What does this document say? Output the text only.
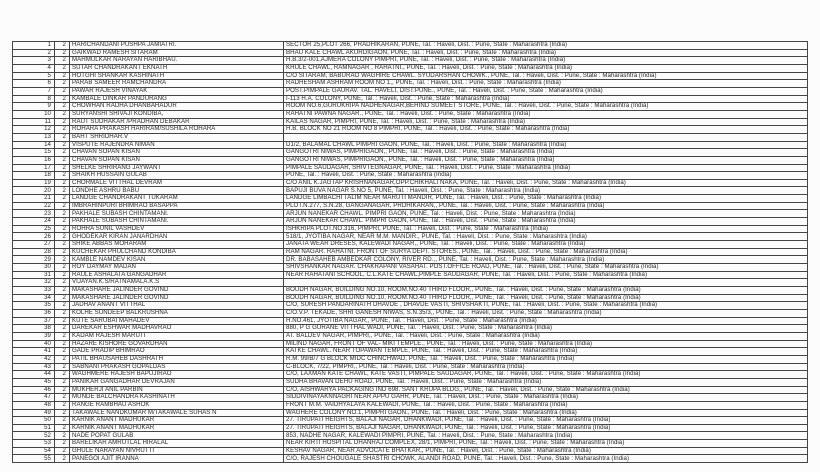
1	2	HARICHANDANI PUSHPA JAMIATRI.	SECTOR 25,PLOT 266, PRADHIKARAN, PUNE, Tal. : Haveli, Dist. : Pune, State : Maharashtra (India)
2	2	GAIKWAD RAMESH SITARAM	BHAU KALE CHAWL AKURDIGAON, PUNE, Tal. : Haveli, Dist. : Pune, State : Maharashtra (India)
3	2	MAHMULKAR NARAYAN HARIBHAU.	H.B.3/2-001,AJMERA COLONY PIMPRI, PUNE, Tal. : Haveli, Dist. : Pune, State : Maharashtra (India)
4	2	SUTAR CHANDRAKANT EKNATH	KHULE CHAWL, RAMNAGAR , RAHATNI., PUNE, Tal. : Haveli, Dist. : Pune, State : Maharashtra (India)
5	2	HOTGHI SHANKAR KASHINATH	C/O SITARAM, BABURAO WAGHIRE CHAWL. SYUDARSHAN CHOWK., PUNE, Tal. : Haveli, Dist. : Pune, State : Maharashtra (India)
6	2	PARAB SAMEER RAMCHANDRA	RADHESHAM ASHRAM ROOM NO 1,, PUNE, Tal. : Haveli, Dist. : Pune, State : Maharashtra (India)
7	2	PAWAR RAJESH VINAYAK	POST.PIMPALE GAURAV. TAL. HAVELI, DIST:PUNE., PUNE, Tal. : Haveli, Dist. : Pune, State : Maharashtra (India)
8	2	KAMBALE DINKAR PANDURANG	I-113 H.A. COLONY, PUNE, Tal. : Haveli, Dist. : Pune, State : Maharashtra (India)
9	2	CHOWHAN RADHA DHANBAHADUR	ROOM NO.6,GURUKRIPA NADHENAGAR,BEHIND SUMEET STORE, PUNE, Tal. : Haveli, Dist. : Pune, State : Maharashtra (India)
10	2	SURYANSHI SHIVAJI KONDIBA,	RAHATNI PAWNA NAGAR., PUNE, Tal. : Haveli, Dist. : Pune, State : Maharashtra (India)
11	2	RAUT SUDHAKAR /PRADHAN DEBAKAR	KAILAS NAGAR, PIMPRI, PUNE, Tal. : Haveli, Dist. : Pune, State : Maharashtra (India)
12	2	ROHARA PRAKASH HARIRAM/SUSHILA ROHARA	H.B. BLOCK NO 21 ROOM NO 8 PIMPRI, PUNE, Tal. : Haveli, Dist. : Pune, State : Maharashtra (India)
13	2	BAHT SHRIDHAR.V	
14	2	VISPUTE RAJENDRA NIMAN	D1/2, BALAMAL CHAWL PIMPRI GAON, PUNE, Tal. : Haveli, Dist. : Pune, State : Maharashtra (India)
15	2	CHAVAN SOPAN KISAN	GANGOTRI NIWAS, PIMPRIGAON,, PUNE, Tal. : Haveli, Dist. : Pune, State : Maharashtra (India)
16	2	CHAVAN SOPAN KISAN	GANGOTRI NIWAS, PIMPRIGAON,, PUNE, Tal. : Haveli, Dist. : Pune, State : Maharashtra (India)
17	2	SHELKE SHRIRANG JAYWANT	PIMPALE SAUDAGAR, SHIVTEGNAGAR, PUNE, Tal. : Haveli, Dist. : Pune, State : Maharashtra (India)
18	2	SHAIKH HUSSAIN GULAB	PUNE, Tal. : Haveli, Dist. : Pune, State : Maharashtra (India)
19	2	CHORMALE VITTHAL DEVRAM	C/O ANIL K.JAGTAP KRISHNANAGAR,OPP.CHIKHALI NAKA, PUNE, Tal. : Haveli, Dist. : Pune, State : Maharashtra (India)
20	2	LONDHE ASHRU BABU	BAPUJI BUVA NAGAR S.NO 5, PUNE, Tal. : Haveli, Dist. : Pune, State : Maharashtra (India)
21	2	LANDGE CHANDRAKANT TUKARAM	LANDGE LIMBACHI TALIM NEAR MARUTI MANDIR, PUNE, Tal. : Haveli, Dist. : Pune, State : Maharashtra (India)
22	2	IMBRAHINPURI BHIMRAO BASAPPA	PLOT.N.277, S.N.28, GANGANAGAR, PRDHIKARAN,, PUNE, Tal. : Haveli, Dist. : Pune, State : Maharashtra (India)
23	2	PAKHALE SUBASH CHINTAMANI.	ARJUN NANEKAR CHAWL. PIMPRI GAON, PUNE, Tal. : Haveli, Dist. : Pune, State : Maharashtra (India)
24	2	PAKHALE SUBASH CHINTAMANI.	ARJUN NANEKAR CHAWL. PIMPRI GAON, PUNE, Tal. : Haveli, Dist. : Pune, State : Maharashtra (India)
25	2	ROHRA SUNIL VASHDEV	ISHKRIPA PLOT.NO.316, PIMPRI, PUNE, Tal. : Haveli, Dist. : Pune, State : Maharashtra (India)
26	2	GHODEKAR KIRAN JANARDHAN	518/1, JYOTIBA NAGAR, NEAR M.M. MANDIR., PUNE, Tal. : Haveli, Dist. : Pune, State : Maharashtra (India)
27	2	SHIKE ABBAS MOHARAM	JANATA WEAR DRESES, KALEWADI NAGAR,, PUNE, Tal. : Haveli, Dist. : Pune, State : Maharashtra (India)
28	2	KUCHEKAR PHULCHAND KONDIBA	RAM NAGAR. RAHATNI. FRONT OF SURYA DEPT. STORES., PUNE, Tal. : Haveli, Dist. : Pune, State : Maharashtra (India)
29	2	KAMBLE NAMDEV KISAN	DR. BABASAHEB AMBEDKAR COLONY, RIVER RD.,, PUNE, Tal. : Haveli, Dist. : Pune, State : Maharashtra (India)
30	2	ROY DAYMAY MADAN	SHIVSHANKAR NAGAR. CHAKRAPANI VASAHAT. POST.OFFICE ROAD, PUNE, Tal. : Haveli, Dist. : Pune, State : Maharashtra (India)
31	2	RAULE ASHALATA GANGADHAR	NEAR RAHATANI SCHOOL, C.L.KATE CHAWL,PIMPLE SAUDAGAR, PUNE, Tal. : Haveli, Dist. : Pune, State : Maharashtra (India)
32	2	VIJAYAN.K.S/RATNAMALA.K.S	
33	2	MAKASHARE JALINDER GOVIND	BOUDH NAGAR, BUILDING NO.10, ROOM.NO.40 THIRD FLOOR,, PUNE, Tal. : Haveli, Dist. : Pune, State : Maharashtra (India)
34	2	MAKASHARE JALINDER GOVIND	BOUDH NAGAR, BUILDING NO.10, ROOM.NO.40 THIRD FLOOR,, PUNE, Tal. : Haveli, Dist. : Pune, State : Maharashtra (India)
35	2	JADHAV ANANT VITTHAL	C/O, SURESH PANDARINATH DHAVDE , DHAVDE VASTI, SHIVSHAKTI, PUNE, Tal. : Haveli, Dist. : Pune, State : Maharashtra (India)
36	2	KOLHE SUNDEEP BALKRUSHNA	C/O.V.P. TEKADE, SHRI GANESH NIWAS, S.N.35/3,, PUNE, Tal. : Haveli, Dist. : Pune, State : Maharashtra (India)
37	2	KUTE SARUBAI MAHADEV	H.NO.461, JYOTIBA NAGAR,, PUNE, Tal. : Haveli, Dist. : Pune, State : Maharashtra (India)
38	2	DAREKAR ESHWAR MADHAVRAO	880, P G GURANE VITTHAL WADI, PUNE, Tal. : Haveli, Dist. : Pune, State : Maharashtra (India)
39	2	KADAM RAJESH MARUTI	AT. BALDEV NAGAR, PIMPRI,, PUNE, Tal. : Haveli, Dist. : Pune, State : Maharashtra (India)
40	2	HAZARE KISHORE GOVARDHAN	MILIND NAGAR, FRONT OF VAL- MIKI TEMPLE., PUNE, Tal. : Haveli, Dist. : Pune, State : Maharashtra (India)
41	2	GADE PRADIP BHIMRAO	KATKE CHAWL. NEAR TOPAWAN TEMPLE, PUNE, Tal. : Haveli, Dist. : Pune, State : Maharashtra (India)
42	2	PATIL BHAUSAHEB DASHRATH	R.M. 99/B/7 G BLOCK MIDC CHINCHWAD, PUNE, Tal. : Haveli, Dist. : Pune, State : Maharashtra (India)
43	2	SABNANI PRAKASH GOPALDAS	C-BLOCK, 7/22, PIMPRI,, PUNE, Tal. : Haveli, Dist. : Pune, State : Maharashtra (India)
44	2	WAGHMERE RAJESH BAPUJIRAO	C/O, LAXMAN KATE CHAWL, KATE VASTI, PIMPALE SAUDAGAR, PUNE, Tal. : Haveli, Dist. : Pune, State : Maharashtra (India)
45	2	PANIKAR GANGADHAR DEVRAJAN	SUDHA BHAVAN DEHU ROAD, PUNE, Tal. : Haveli, Dist. : Pune, State : Maharashtra (India)
46	2	MUKHERJI ANIL PARBIN	C/O, AISHWARYA PACKAGING IND 698. SANT KRUPA BLDG,, PUNE, Tal. : Haveli, Dist. : Pune, State : Maharashtra (India)
47	2	MUNDE BALCHANDRA KASHINATH	SIDDIVINAYAKNNAGRI NEAR APPU GAHR, PUNE, Tal. : Haveli, Dist. : Pune, State : Maharashtra (India)
48	2	RANGE RAMBHAU ASHOK	FRONT M.M. VAIDHYALAYA KALEWADI, PUNE, Tal. : Haveli, Dist. : Pune, State : Maharashtra (India)
49	2	TAKAWALE NANDKUMAR M/TAKAWALE SUHAS N	WAGHERE COLONY NO.1, PIMPRI GAON., PUNE, Tal. : Haveli, Dist. : Pune, State : Maharashtra (India)
50	2	KARNIK ANANT MADHUKAR	27. TIRUPATI HEIGHTS, BALAJI NAGAR, DHANKWADI, PUNE, Tal. : Haveli, Dist. : Pune, State : Maharashtra (India)
51	2	KARNIK ANANT MADHUKAR	27. TIRUPATI HEIGHTS, BALAJI NAGAR, DHANKWADI, PUNE, Tal. : Haveli, Dist. : Pune, State : Maharashtra (India)
52	2	NADE POPAT GULAB	853, NADHE NAGAR, KALEWADI PIMPRI, PUNE, Tal. : Haveli, Dist. : Pune, State : Maharashtra (India)
53	2	BARELIKAR AMRUTLAL HIRALAL	NEAR KIRTI HOSPITAL DHANRAJ COMPLEX, 28/1, PIMPRI, PUNE, Tal. : Haveli, Dist. : Pune, State : Maharashtra (India)
54	2	GHULE NARAYAN NIVRUTTI	KESHAV NAGAR, NEAR ADVOCATE BHATKAR,, PUNE, Tal. : Haveli, Dist. : Pune, State : Maharashtra (India)
55	2	PANEGOI AJIT IRANNA	C/O, RAJESH CHOUGALE SHASTRI CHOWK, ALANDI ROAD, PUNE, Tal. : Haveli, Dist. : Pune, State : Maharashtra (India)
